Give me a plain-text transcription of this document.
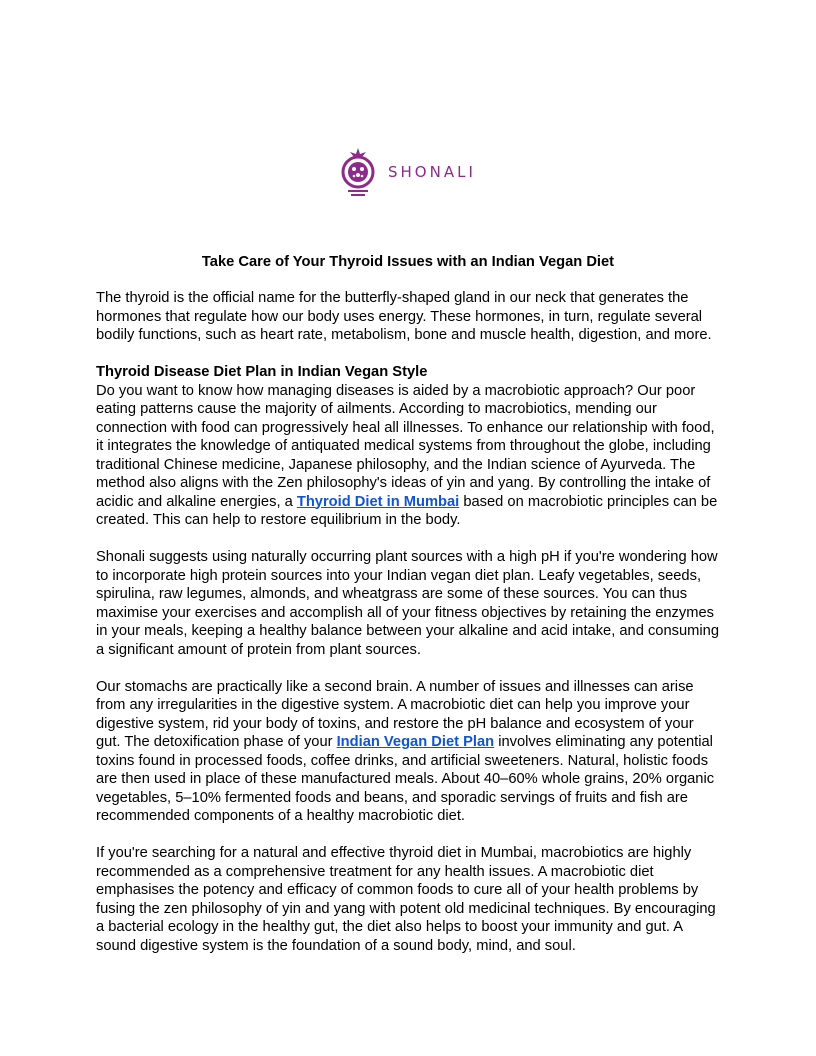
SHONALI
Take Care of Your Thyroid Issues with an Indian Vegan Diet

The thyroid is the official name for the butterfly-shaped gland in our neck that generates the hormones that regulate how our body uses energy. These hormones, in turn, regulate several bodily functions, such as heart rate, metabolism, bone and muscle health, digestion, and more.

Thyroid Disease Diet Plan in Indian Vegan Style

Do you want to know how managing diseases is aided by a macrobiotic approach? Our poor eating patterns cause the majority of ailments. According to macrobiotics, mending our connection with food can progressively heal all illnesses. To enhance our relationship with food, it integrates the knowledge of antiquated medical systems from throughout the globe, including traditional Chinese medicine, Japanese philosophy, and the Indian science of Ayurveda. The method also aligns with the Zen philosophy's ideas of yin and yang. By controlling the intake of acidic and alkaline energies, a Thyroid Diet in Mumbai based on macrobiotic principles can be created. This can help to restore equilibrium in the body.

Shonali suggests using naturally occurring plant sources with a high pH if you're wondering how to incorporate high protein sources into your Indian vegan diet plan. Leafy vegetables, seeds, spirulina, raw legumes, almonds, and wheatgrass are some of these sources. You can thus maximise your exercises and accomplish all of your fitness objectives by retaining the enzymes in your meals, keeping a healthy balance between your alkaline and acid intake, and consuming a significant amount of protein from plant sources.

Our stomachs are practically like a second brain. A number of issues and illnesses can arise from any irregularities in the digestive system. A macrobiotic diet can help you improve your digestive system, rid your body of toxins, and restore the pH balance and ecosystem of your gut. The detoxification phase of your Indian Vegan Diet Plan involves eliminating any potential toxins found in processed foods, coffee drinks, and artificial sweeteners. Natural, holistic foods are then used in place of these manufactured meals. About 40–60% whole grains, 20% organic vegetables, 5–10% fermented foods and beans, and sporadic servings of fruits and fish are recommended components of a healthy macrobiotic diet.

If you're searching for a natural and effective thyroid diet in Mumbai, macrobiotics are highly recommended as a comprehensive treatment for any health issues. A macrobiotic diet emphasises the potency and efficacy of common foods to cure all of your health problems by fusing the zen philosophy of yin and yang with potent old medicinal techniques. By encouraging a bacterial ecology in the healthy gut, the diet also helps to boost your immunity and gut. A sound digestive system is the foundation of a sound body, mind, and soul.
